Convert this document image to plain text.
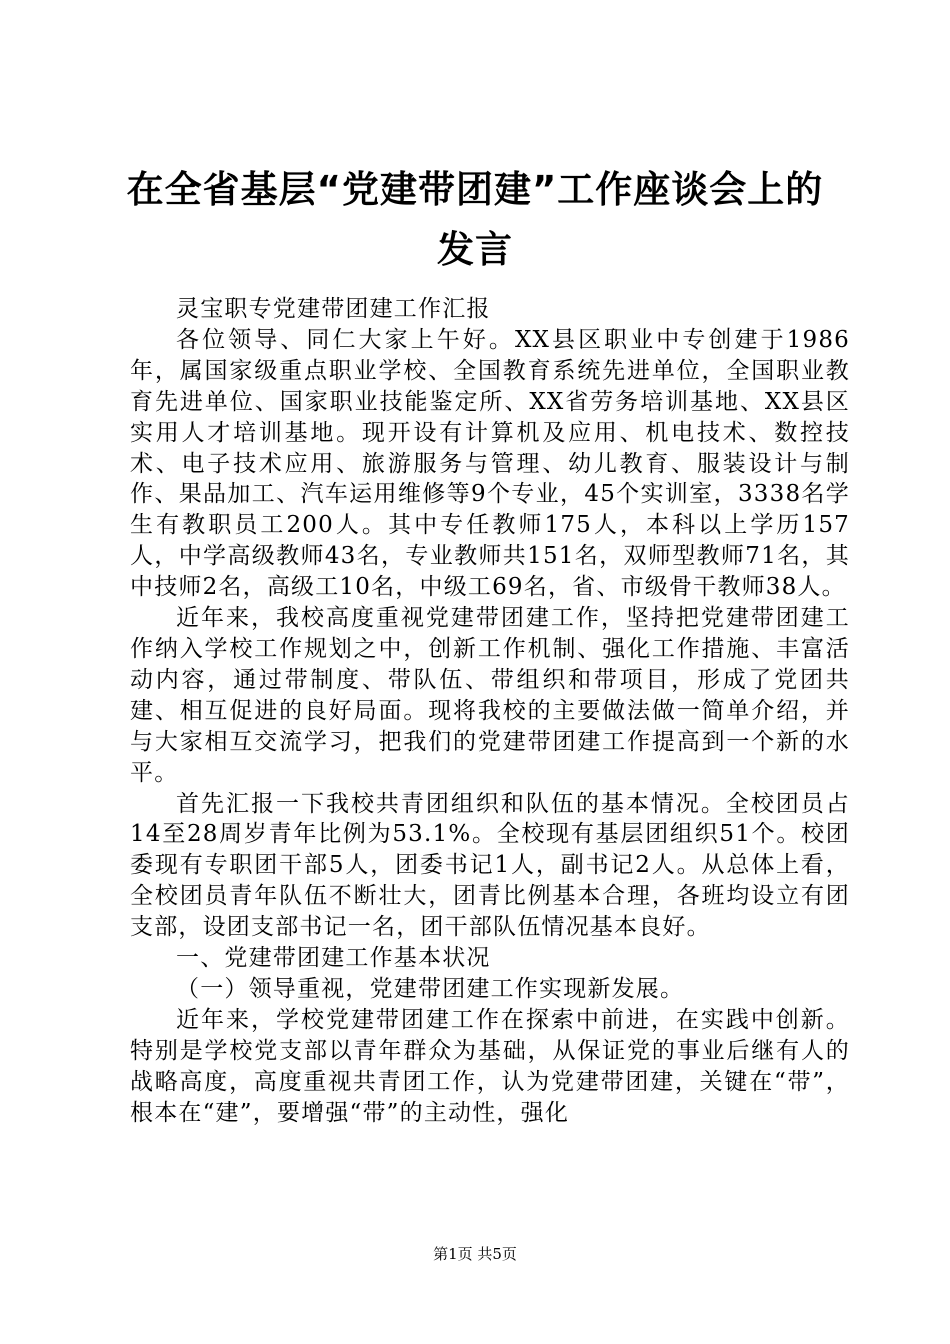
在全省基层“党建带团建”工作座谈会上的发言

灵宝职专党建带团建工作汇报

各位领导、同仁大家上午好。XX县区职业中专创建于1986年，属国家级重点职业学校、全国教育系统先进单位，全国职业教育先进单位、国家职业技能鉴定所、XX省劳务培训基地、XX县区实用人才培训基地。现开设有计算机及应用、机电技术、数控技术、电子技术应用、旅游服务与管理、幼儿教育、服装设计与制作、果品加工、汽车运用维修等9个专业，45个实训室，3338名学生有教职员工200人。其中专任教师175人，本科以上学历157人，中学高级教师43名，专业教师共151名，双师型教师71名，其中技师2名，高级工10名，中级工69名，省、市级骨干教师38人。

近年来，我校高度重视党建带团建工作，坚持把党建带团建工作纳入学校工作规划之中，创新工作机制、强化工作措施、丰富活动内容，通过带制度、带队伍、带组织和带项目，形成了党团共建、相互促进的良好局面。现将我校的主要做法做一简单介绍，并与大家相互交流学习，把我们的党建带团建工作提高到一个新的水平。

首先汇报一下我校共青团组织和队伍的基本情况。全校团员占14至28周岁青年比例为53.1%。全校现有基层团组织51个。校团委现有专职团干部5人，团委书记1人，副书记2人。从总体上看，全校团员青年队伍不断壮大，团青比例基本合理，各班均设立有团支部，设团支部书记一名，团干部队伍情况基本良好。

一、党建带团建工作基本状况

（一）领导重视，党建带团建工作实现新发展。

近年来，学校党建带团建工作在探索中前进，在实践中创新。特别是学校党支部以青年群众为基础，从保证党的事业后继有人的战略高度，高度重视共青团工作，认为党建带团建，关键在“带”，根本在“建”，要增强“带”的主动性，强化

第1页 共5页
